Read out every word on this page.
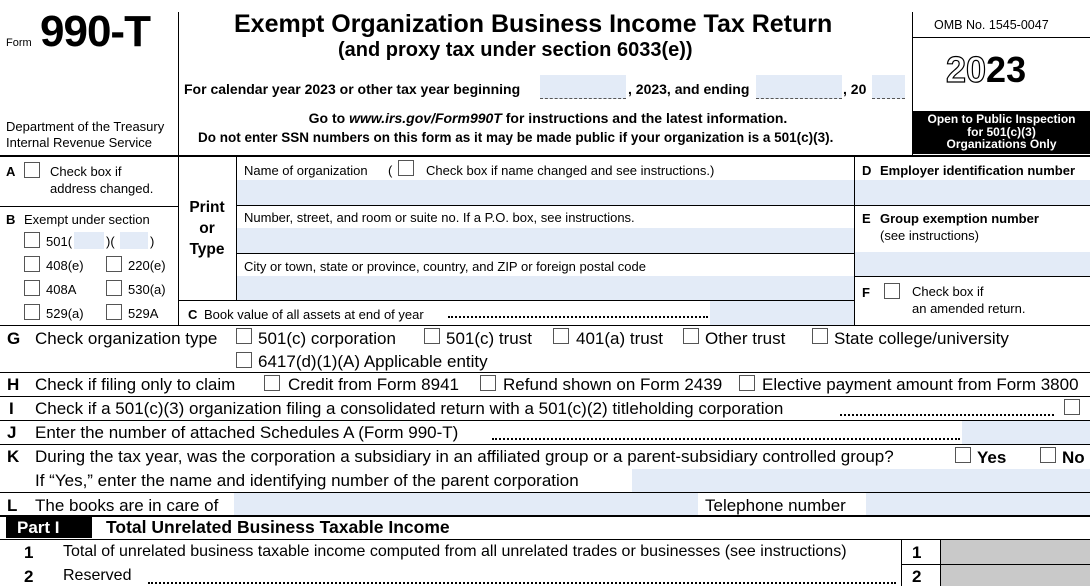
Form 990-T
Department of the Treasury
Internal Revenue Service
Exempt Organization Business Income Tax Return
(and proxy tax under section 6033(e))
For calendar year 2023 or other tax year beginning	, 2023, and ending	, 20
Go to www.irs.gov/Form990T for instructions and the latest information.
Do not enter SSN numbers on this form as it may be made public if your organization is a 501(c)(3).
OMB No. 1545-0047
2023
Open to Public Inspection
for 501(c)(3)
Organizations Only
A	Check box if
address changed.
B Exempt under section
501(	)(	)
408(e)	220(e)
408A	530(a)
529(a)	529A
Print
or
Type
Name of organization (	Check box if name changed and see instructions.)
Number, street, and room or suite no. If a P.O. box, see instructions.
City or town, state or province, country, and ZIP or foreign postal code
C Book value of all assets at end of year
D Employer identification number
E Group exemption number
(see instructions)
F	Check box if
an amended return.
G Check organization type 501(c) corporation	501(c) trust	401(a) trust Other trust	State college/university
6417(d)(1)(A) Applicable entity
H Check if filing only to claim	Credit from Form 8941	Refund shown on Form 2439 Elective payment amount from Form 3800
I Check if a 501(c)(3) organization filing a consolidated return with a 501(c)(2) titleholding corporation
J Enter the number of attached Schedules A (Form 990-T)
K During the tax year, was the corporation a subsidiary in an affiliated group or a parent-subsidiary controlled group?	Yes	No
If “Yes,” enter the name and identifying number of the parent corporation
L The books are in care of	Telephone number
Part I	Total Unrelated Business Taxable Income
1 Total of unrelated business taxable income computed from all unrelated trades or businesses (see instructions)	1
2 Reserved	2
